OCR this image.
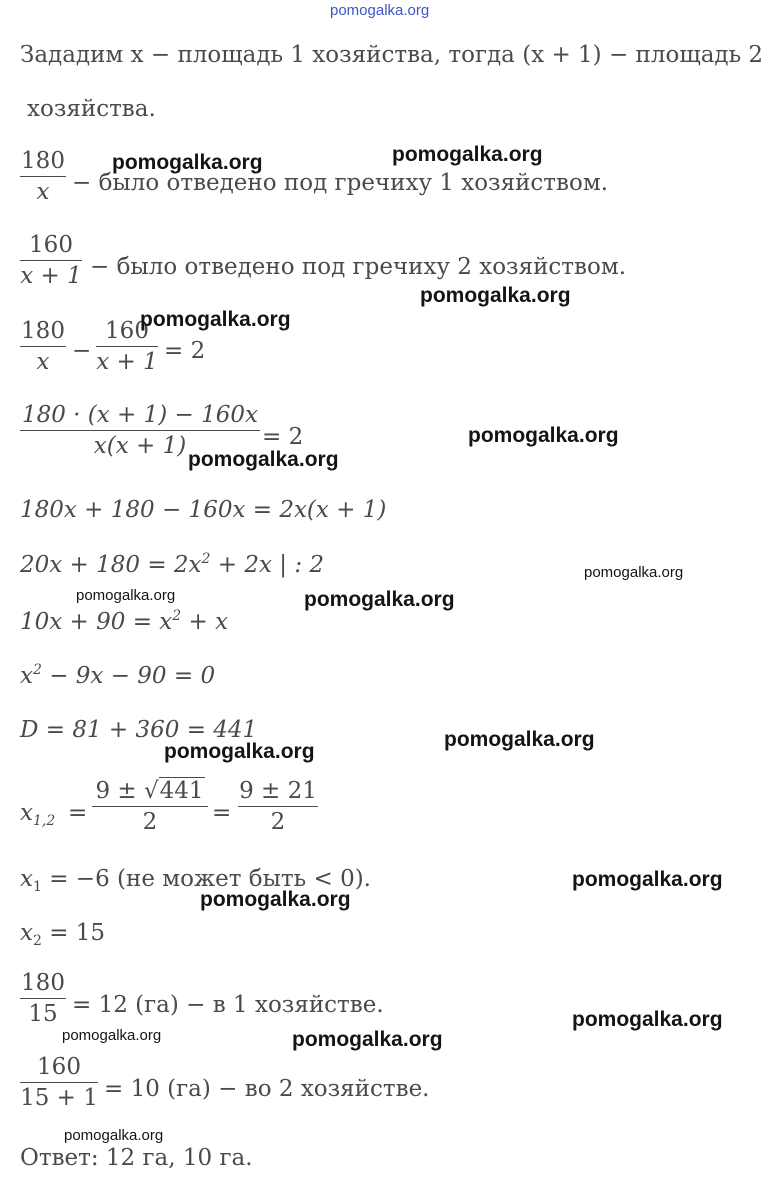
pomogalka.org
Зададим x − площадь 1 хозяйства, тогда (x + 1) − площадь 2
хозяйства.
$\frac{180}{x}$ − было отведено под гречиху 1 хозяйством.
$\frac{160}{x + 1}$ − было отведено под гречиху 2 хозяйством.
$\frac{180}{x} - \frac{160}{x + 1} = 2$
$\frac{180 \cdot (x + 1) - 160x}{x(x + 1)} = 2$
180x + 180 − 160x = 2x(x + 1)
$20x + 180 = 2x^2 + 2x$ | : 2
$10x + 90 = x^2 + x$
$x^2 - 9x - 90 = 0$
D = 81 + 360 = 441
$x_{1,2} = \frac{9 \pm √441}{2} = \frac{9 \pm 21}{2}$
$x_1 = -6$ (не может быть < 0).
$x_2 = 15$
$\frac{180}{15} = 12$ (га) − в 1 хозяйстве.
$\frac{160}{15 + 1} = 10$ (га) − во 2 хозяйстве.
Ответ: 12 га, 10 га.
pomogalka.org	pomogalka.org
pomogalka.org
pomogalka.org
pomogalka.org
pomogalka.org
pomogalka.org
pomogalka.org	pomogalka.org
pomogalka.org
pomogalka.org
pomogalka.org
pomogalka.org
pomogalka.org
pomogalka.org	pomogalka.org
pomogalka.org
